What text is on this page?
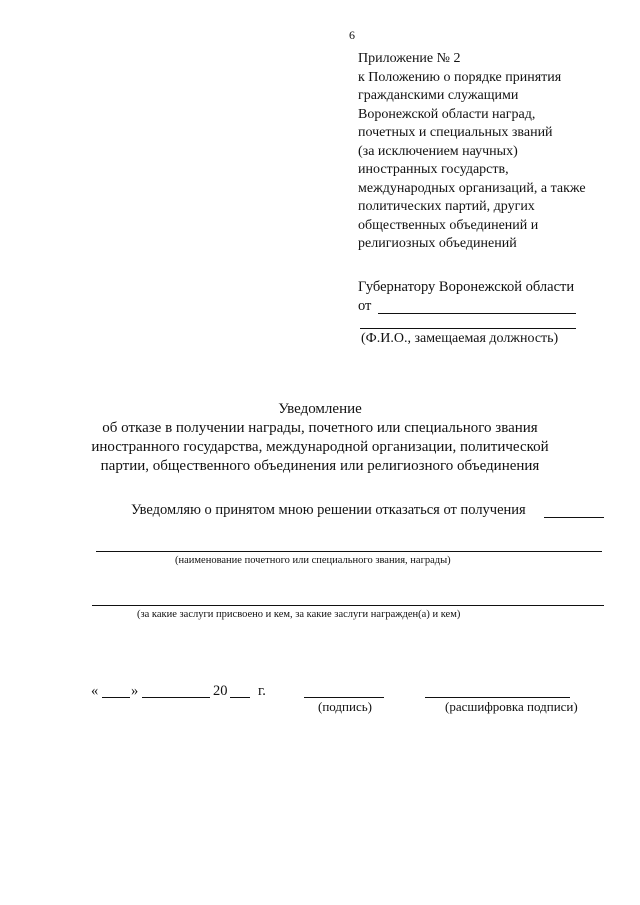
6
Приложение № 2
к Положению о порядке принятия
гражданскими служащими
Воронежской области наград,
почетных и специальных званий
(за исключением научных)
иностранных государств,
международных организаций, а также
политических партий, других
общественных объединений и
религиозных объединений
Губернатору Воронежской области
от
(Ф.И.О., замещаемая должность)
Уведомление
об отказе в получении награды, почетного или специального звания
иностранного государства, международной организации, политической
партии, общественного объединения или религиозного объединения
Уведомляю о принятом мною решении отказаться от получения
(наименование почетного или специального звания, награды)
(за какие заслуги присвоено и кем, за какие заслуги награжден(а) и кем)
« »	20 г.
(подпись)	(расшифровка подписи)
